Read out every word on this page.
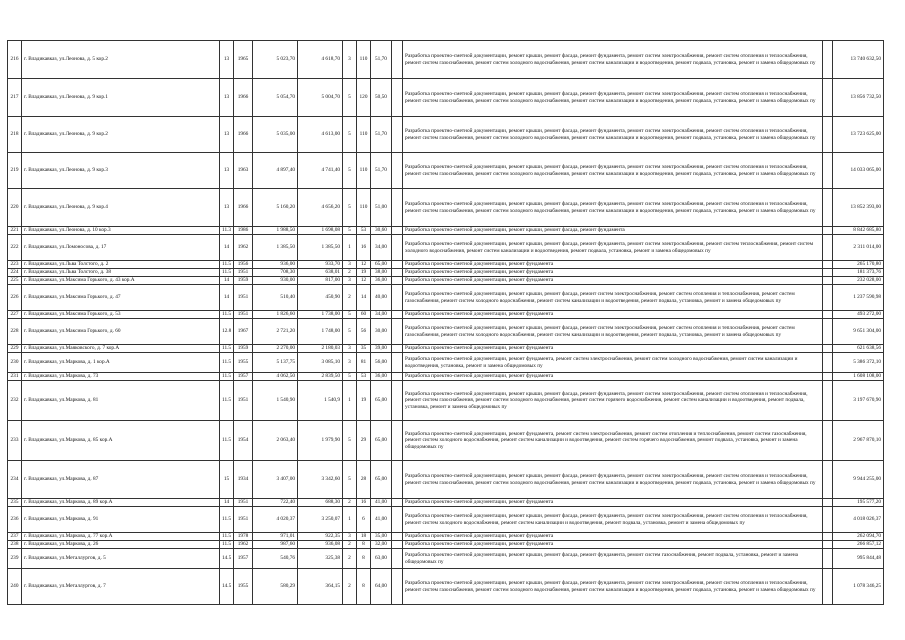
216	г. Владикавказ, ул.Леонова, д. 5 кор.2	13	1965	5 023,70	4 618,70	3	110	51,70		Разработка проектно-сметной документации, ремонт крыши, ремонт фасада, ремонт фундамента, ремонт систем электроснабжения, ремонт систем отопления и теплоснабжения, ремонт систем газоснабжения, ремонт систем холодного водоснабжения, ремонт систем канализации и водоотведения, ремонт подвала, установка, ремонт и замена общедомовых пу		13 740 632,50
217	г. Владикавказ, ул.Леонова, д. 9 кор.1	13	1966	5 054,70	5 004,70	5	120	50,50		Разработка проектно-сметной документации, ремонт крыши, ремонт фасада, ремонт фундамента, ремонт систем электроснабжения, ремонт систем отопления и теплоснабжения, ремонт систем газоснабжения, ремонт систем холодного водоснабжения, ремонт систем канализации и водоотведения, ремонт подвала, установка, ремонт и замена общедомовых пу		13 856 732,50
218	г. Владикавказ, ул.Леонова, д. 9 кор.2	13	1966	5 035,00	4 613,00	5	110	51,70		Разработка проектно-сметной документации, ремонт крыши, ремонт фасада, ремонт фундамента, ремонт систем электроснабжения, ремонт систем отопления и теплоснабжения, ремонт систем газоснабжения, ремонт систем холодного водоснабжения, ремонт систем канализации и водоотведения, ремонт подвала, установка, ремонт и замена общедомовых пу		13 723 625,00
219	г. Владикавказ, ул.Леонова, д. 9 кор.3	13	1963	4 897,40	4 741,40	5	110	51,70		Разработка проектно-сметной документации, ремонт крыши, ремонт фасада, ремонт фундамента, ремонт систем электроснабжения, ремонт систем отопления и теплоснабжения, ремонт систем газоснабжения, ремонт систем холодного водоснабжения, ремонт систем канализации и водоотведения, ремонт подвала, установка, ремонт и замена общедомовых пу		14 033 065,00
220	г. Владикавказ, ул.Леонова, д. 9 кор.4	13	1966	5 160,20	4 656,20	5	110	51,00		Разработка проектно-сметной документации, ремонт крыши, ремонт фасада, ремонт фундамента, ремонт систем электроснабжения, ремонт систем отопления и теплоснабжения, ремонт систем газоснабжения, ремонт систем холодного водоснабжения, ремонт систем канализации и водоотведения, ремонт подвала, установка, ремонт и замена общедомовых пу		13 852 393,00
221	г. Владикавказ, ул.Леонова, д. 10 кор.3	11.3	1986	1 988,50	1 698,08	5	53	30,60		Разработка проектно-сметной документации, ремонт крыши, ремонт фасада, ремонт фундамента		8 842 685,80
222	г. Владикавказ, ул.Ломоносова, д. 17	14	1962	1 385,50	1 385,50	1	16	34,00		Разработка проектно-сметной документации, ремонт крыши, ремонт фасада, ремонт фундамента, ремонт систем электроснабжения, ремонт систем теплоснабжения, ремонт систем холодного водоснабжения, ремонт систем канализации и водоотведения, ремонт подвала, установка, ремонт и замена общедомовых пу		2 311 014,00
223	г. Владикавказ, ул.Льва Толстого, д. 2	11.5	1956	936,00	933,70	3	12	65,00		Разработка проектно-сметной документации, ремонт фундамента		265 170,80
224	г. Владикавказ, ул.Льва Толстого, д. 38	11.5	1951	708,30	638,01	2	19	38,00		Разработка проектно-сметной документации, ремонт фундамента		181 373,76
225	г. Владикавказ, ул.Максима Горького, д. 43 кор.А	14	1959	930,00	817,00	3	12	36,00		Разработка проектно-сметной документации, ремонт фундамента		232 028,00
226	г. Владикавказ, ул.Максима Горького, д. 47	14	1951	510,40	450,90	2	14	40,00		Разработка проектно-сметной документации, ремонт крыши, ремонт фасада, ремонт систем электроснабжения, ремонт систем отопления и теплоснабжения, ремонт систем газоснабжения, ремонт систем холодного водоснабжения, ремонт систем канализации и водоотведения, ремонт подвала, установка, ремонт и замена общедомовых пу		1 237 590,98
227	г. Владикавказ, ул.Максима Горького, д. 53	11.5	1951	1 826,60	1 738,00	5	60	34,00		Разработка проектно-сметной документации, ремонт фундамента		493 272,00
228	г. Владикавказ, ул.Максима Горького, д. 60	12.8	1967	2 721,20	1 748,00	5	56	30,00		Разработка проектно-сметной документации, ремонт крыши, ремонт фасада, ремонт систем электроснабжения, ремонт систем отопления и теплоснабжения, ремонт систем газоснабжения, ремонт систем холодного водоснабжения, ремонт систем канализации и водоотведения, ремонт подвала, установка, ремонт и замена общедомовых пу		9 651 304,00
229	г. Владикавказ, ул.Маяковского, д. 7 кор.А	11.5	1959	2 270,00	2 180,03	3	35	39,00		Разработка проектно-сметной документации, ремонт фундамента		621 638,56
230	г. Владикавказ, ул.Маркова, д. 1 кор.А	11.5	1955	5 137,75	3 085,10	3	81	56,00		Разработка проектно-сметной документации, ремонт фундамента, ремонт систем электроснабжения, ремонт систем холодного водоснабжения, ремонт систем канализации и водоотведения, установка, ремонт и замена общедомовых пу		5 386 372,10
231	г. Владикавказ, ул.Маркова, д. 73	11.5	1957	4 062,50	2 839,50	5	53	36,00		Разработка проектно-сметной документации, ремонт фундамента		1 608 108,00
232	г. Владикавказ, ул.Маркова, д. 81	11.5	1951	1 540,90	1 540,9	1	19	65,00		Разработка проектно-сметной документации, ремонт крыши, ремонт фасада, ремонт фундамента, ремонт систем электроснабжения, ремонт систем отопления и теплоснабжения, ремонт систем газоснабжения, ремонт систем холодного водоснабжения, ремонт систем горячего водоснабжения, ремонт систем канализации и водоотведения, ремонт подвала, установка, ремонт и замена общедомовых пу		3 197 670,90
233	г. Владикавказ, ул.Маркова, д. 85 кор.А	11.5	1954	2 063,40	1 979,90	5	29	65,00		Разработка проектно-сметной документации, ремонт фундамента, ремонт систем электроснабжения, ремонт систем отопления и теплоснабжения, ремонт систем газоснабжения, ремонт систем холодного водоснабжения, ремонт систем канализации и водоотведения, ремонт систем горячего водоснабжения, ремонт подвала, установка, ремонт и замена общедомовых пу		2 967 870,10
234	г. Владикавказ, ул.Маркова, д. 87	15	1934	3 407,00	3 342,60	5	28	65,00		Разработка проектно-сметной документации, ремонт крыши, ремонт фасада, ремонт фундамента, ремонт систем электроснабжения, ремонт систем отопления и теплоснабжения, ремонт систем газоснабжения, ремонт систем холодного водоснабжения, ремонт систем канализации и водоотведения, ремонт подвала, установка, ремонт и замена общедомовых пу		9 944 255,00
235	г. Владикавказ, ул.Маркова, д. 89 кор.А	14	1951	722,40	688,30	2	16	41,00		Разработка проектно-сметной документации, ремонт фундамента		195 577,20
236	г. Владикавказ, ул.Маркова, д. 91	11.5	1951	4 020,37	3 250,07	1	6	41,00		Разработка проектно-сметной документации, ремонт крыши, ремонт фасада, ремонт фундамента, ремонт систем электроснабжения, ремонт систем отопления и теплоснабжения, ремонт систем холодного водоснабжения, ремонт систем канализации и водоотведения, ремонт подвала, установка, ремонт и замена общедомовых пу		4 018 026,37
237	г. Владикавказ, ул.Маркова, д. 77 кор.А	11.5	1978	971,01	922,35	3	18	35,00		Разработка проектно-сметной документации, ремонт фундамента		262 094,70
238	г. Владикавказ, ул.Маркова, д. 26	11.5	1962	987,60	936,08	2	8	32,00		Разработка проектно-сметной документации, ремонт фундамента		266 857,12
239	г. Владикавказ, ул.Металлургов, д. 5	14.5	1957	540,76	325,38	2	8	63,00		Разработка проектно-сметной документации, ремонт крыши, ремонт фасада, ремонт фундамента, ремонт систем газоснабжения, ремонт подвала, установка, ремонт и замена общедомовых пу		995 844,48
240	г. Владикавказ, ул.Металлургов, д. 7	14.5	1955	580,29	364,15	2	8	64,00		Разработка проектно-сметной документации, ремонт крыши, ремонт фасада, ремонт фундамента, ремонт систем электроснабжения, ремонт систем отопления и теплоснабжения, ремонт систем газоснабжения, ремонт систем холодного водоснабжения, ремонт систем канализации и водоотведения, ремонт подвала, установка, ремонт и замена общедомовых пу		1 078 346,25
